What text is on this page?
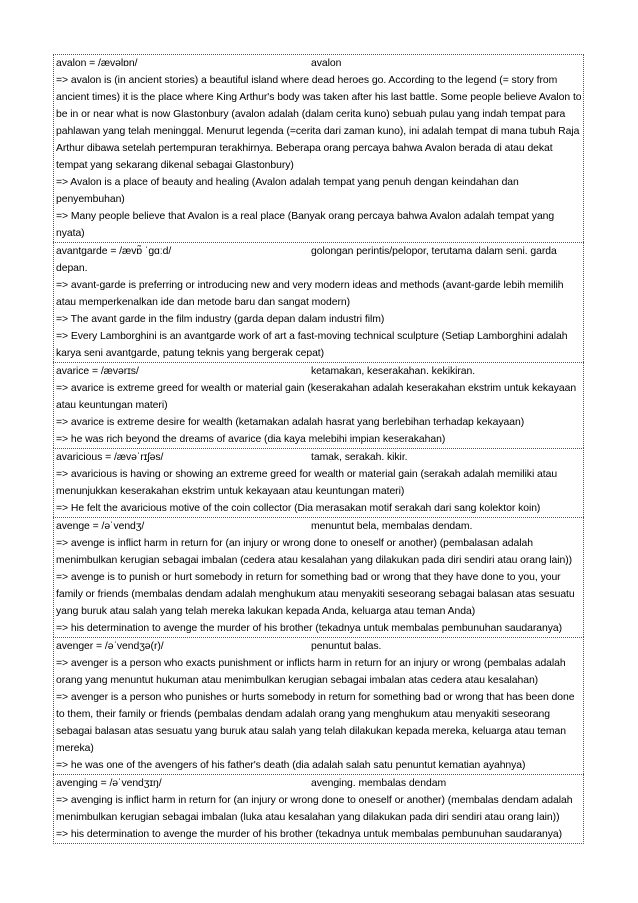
avalon = /ævəlɒn/	avalon
=> avalon is (in ancient stories) a beautiful island where dead heroes go. According to the legend (= story from ancient times) it is the place where King Arthur's body was taken after his last battle. Some people believe Avalon to be in or near what is now Glastonbury (avalon adalah (dalam cerita kuno) sebuah pulau yang indah tempat para pahlawan yang telah meninggal. Menurut legenda (=cerita dari zaman kuno), ini adalah tempat di mana tubuh Raja Arthur dibawa setelah pertempuran terakhirnya. Beberapa orang percaya bahwa Avalon berada di atau dekat tempat yang sekarang dikenal sebagai Glastonbury)
=> Avalon is a place of beauty and healing (Avalon adalah tempat yang penuh dengan keindahan dan penyembuhan)
=> Many people believe that Avalon is a real place (Banyak orang percaya bahwa Avalon adalah tempat yang nyata)
avantgarde = /ævɒ̃ ˈɡɑːd/	golongan perintis/pelopor, terutama dalam seni. garda depan.
=> avant-garde is preferring or introducing new and very modern ideas and methods (avant-garde lebih memilih atau memperkenalkan ide dan metode baru dan sangat modern)
=> The avant garde in the film industry (garda depan dalam industri film)
=> Every Lamborghini is an avantgarde work of art a fast-moving technical sculpture (Setiap Lamborghini adalah karya seni avantgarde, patung teknis yang bergerak cepat)
avarice = /ævərɪs/	ketamakan, keserakahan. kekikiran.
=> avarice is extreme greed for wealth or material gain (keserakahan adalah keserakahan ekstrim untuk kekayaan atau keuntungan materi)
=> avarice is extreme desire for wealth (ketamakan adalah hasrat yang berlebihan terhadap kekayaan)
=> he was rich beyond the dreams of avarice (dia kaya melebihi impian keserakahan)
avaricious = /ævəˈrɪʃəs/	tamak, serakah. kikir.
=> avaricious is having or showing an extreme greed for wealth or material gain (serakah adalah memiliki atau menunjukkan keserakahan ekstrim untuk kekayaan atau keuntungan materi)
=> He felt the avaricious motive of the coin collector (Dia merasakan motif serakah dari sang kolektor koin)
avenge = /əˈvendʒ/	menuntut bela, membalas dendam.
=> avenge is inflict harm in return for (an injury or wrong done to oneself or another) (pembalasan adalah menimbulkan kerugian sebagai imbalan (cedera atau kesalahan yang dilakukan pada diri sendiri atau orang lain))
=> avenge is to punish or hurt somebody in return for something bad or wrong that they have done to you, your family or friends (membalas dendam adalah menghukum atau menyakiti seseorang sebagai balasan atas sesuatu yang buruk atau salah yang telah mereka lakukan kepada Anda, keluarga atau teman Anda)
=> his determination to avenge the murder of his brother (tekadnya untuk membalas pembunuhan saudaranya)
avenger = /əˈvendʒə(r)/	penuntut balas.
=> avenger is a person who exacts punishment or inflicts harm in return for an injury or wrong (pembalas adalah orang yang menuntut hukuman atau menimbulkan kerugian sebagai imbalan atas cedera atau kesalahan)
=> avenger is a person who punishes or hurts somebody in return for something bad or wrong that has been done to them, their family or friends (pembalas dendam adalah orang yang menghukum atau menyakiti seseorang sebagai balasan atas sesuatu yang buruk atau salah yang telah dilakukan kepada mereka, keluarga atau teman mereka)
=> he was one of the avengers of his father's death (dia adalah salah satu penuntut kematian ayahnya)
avenging = /əˈvendʒɪŋ/	avenging. membalas dendam
=> avenging is inflict harm in return for (an injury or wrong done to oneself or another) (membalas dendam adalah menimbulkan kerugian sebagai imbalan (luka atau kesalahan yang dilakukan pada diri sendiri atau orang lain))
=> his determination to avenge the murder of his brother (tekadnya untuk membalas pembunuhan saudaranya)
